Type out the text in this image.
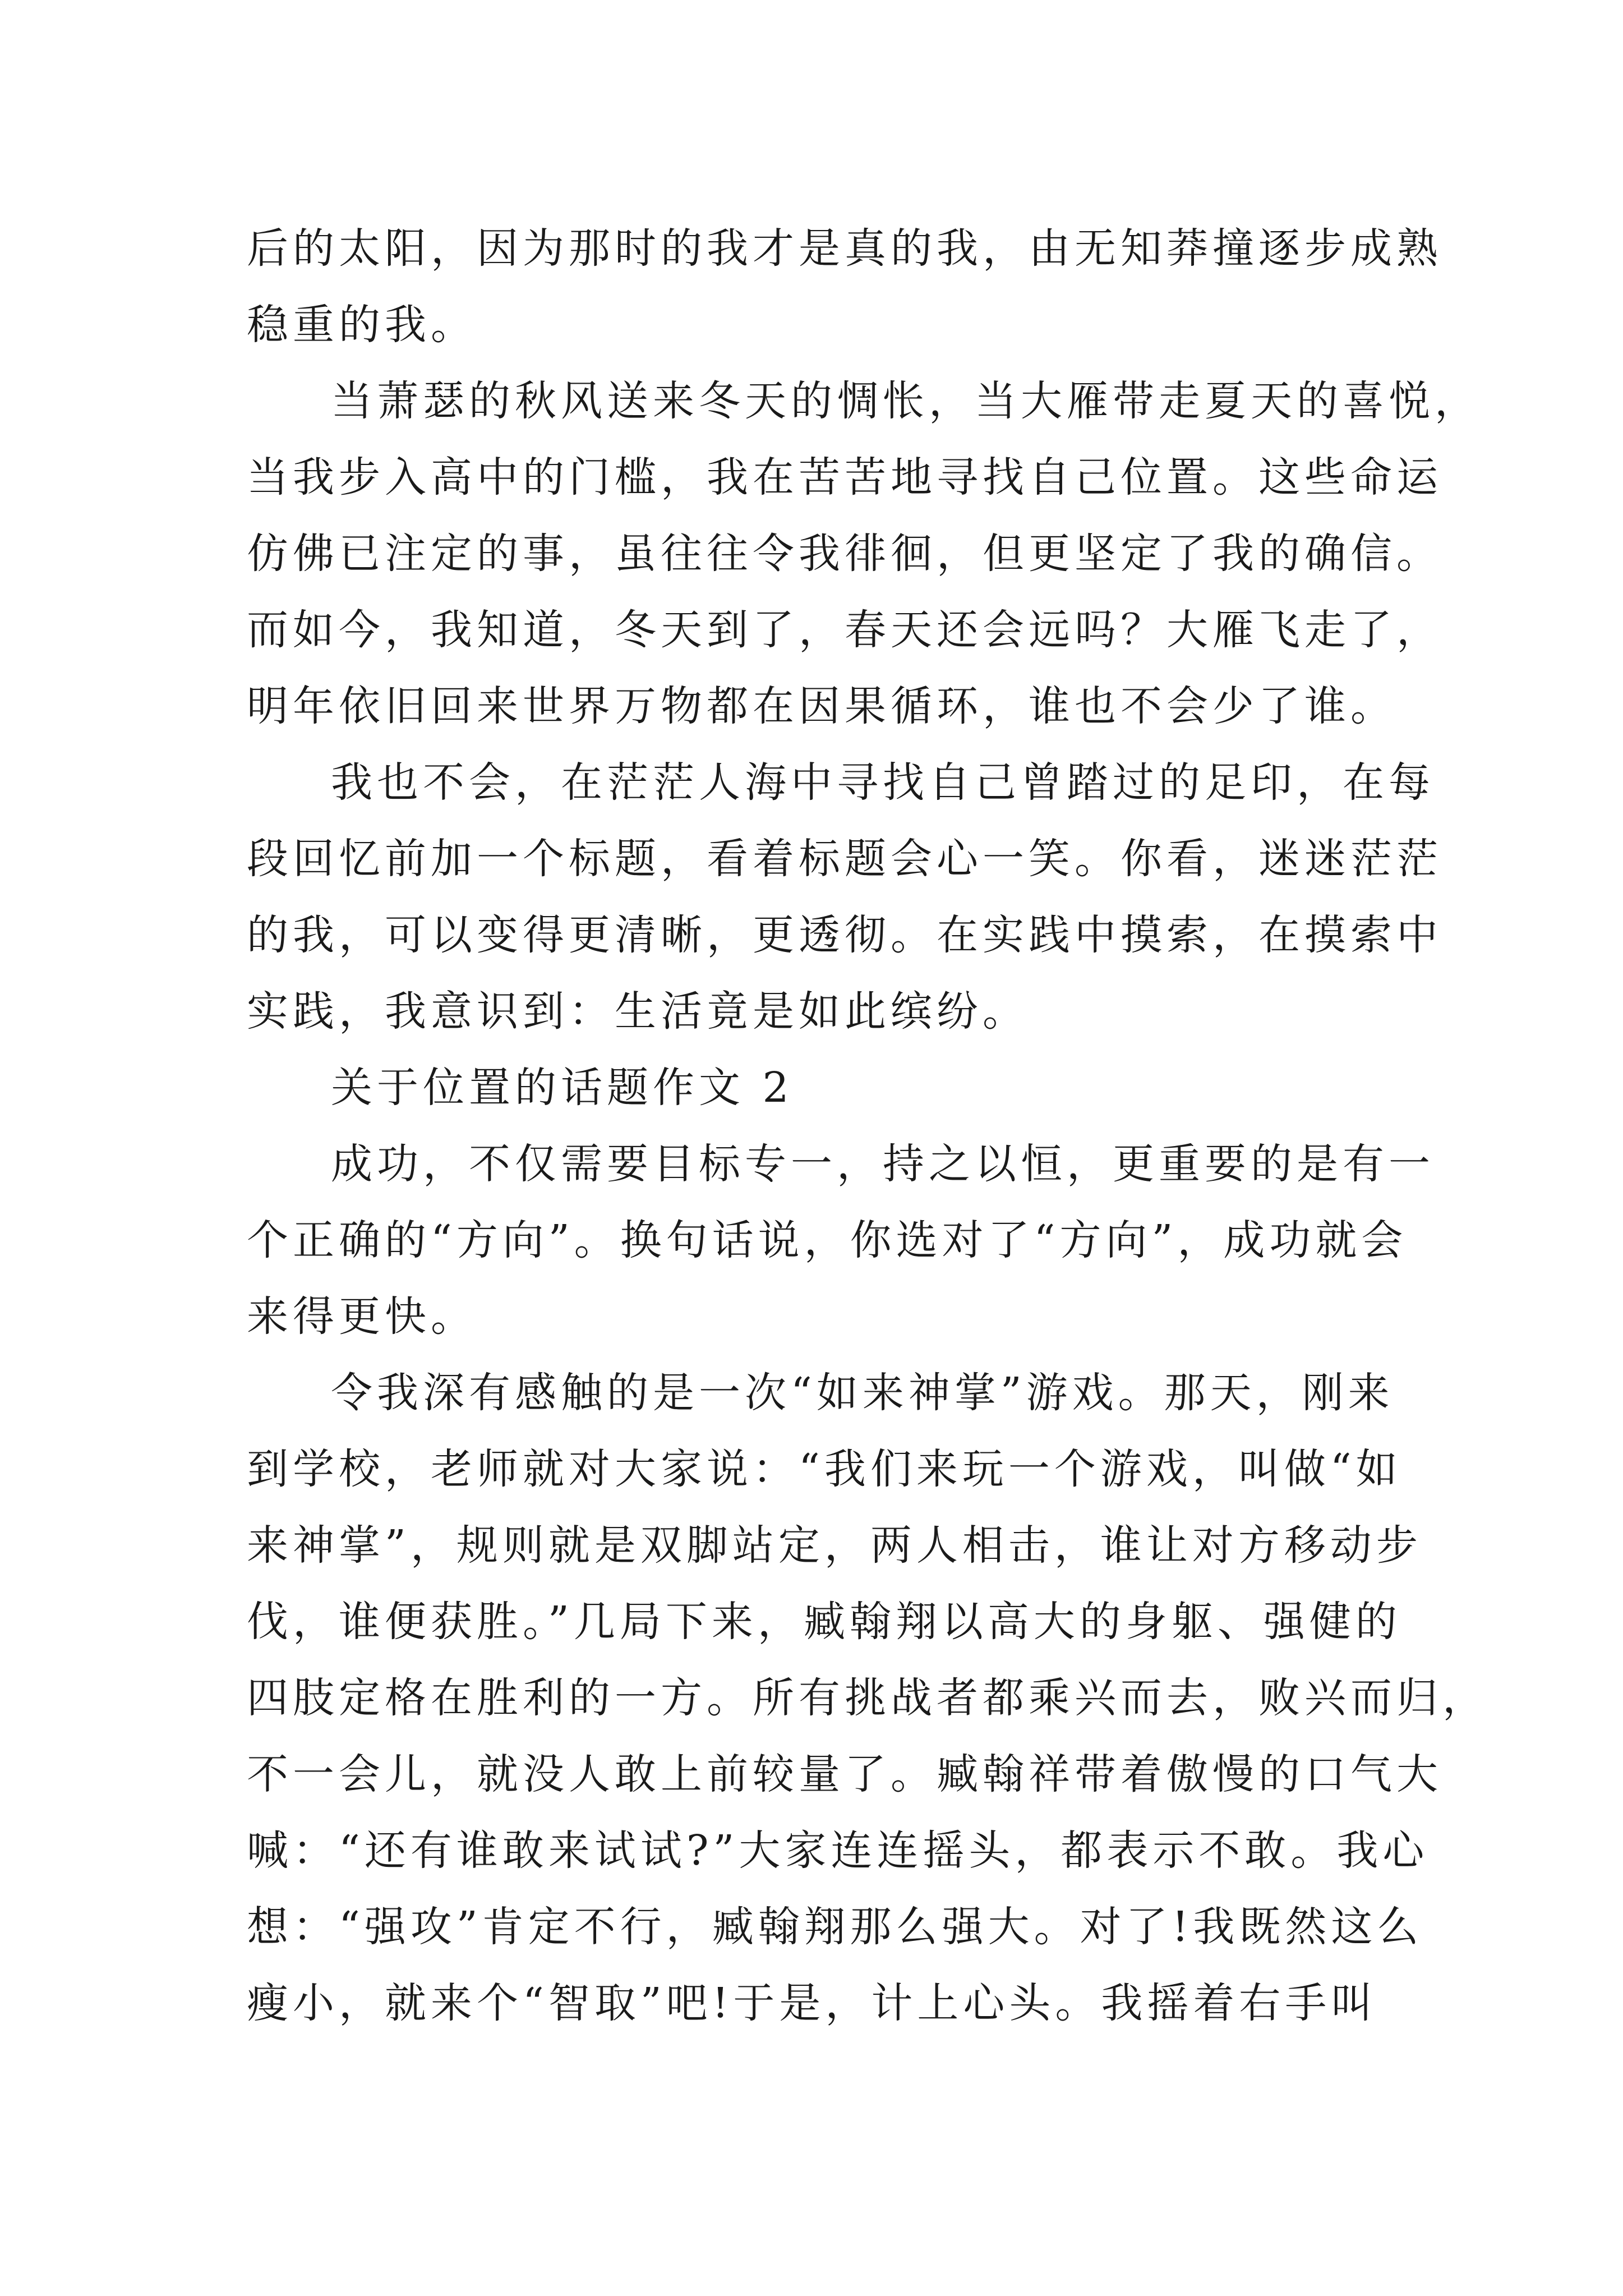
后的太阳，因为那时的我才是真的我，由无知莽撞逐步成熟
稳重的我。
当萧瑟的秋风送来冬天的惆怅，当大雁带走夏天的喜悦，
当我步入高中的门槛，我在苦苦地寻找自己位置。这些命运
仿佛已注定的事，虽往往令我徘徊，但更坚定了我的确信。
而如今，我知道，冬天到了，春天还会远吗？大雁飞走了，
明年依旧回来世界万物都在因果循环，谁也不会少了谁。
我也不会，在茫茫人海中寻找自己曾踏过的足印，在每
段回忆前加一个标题，看着标题会心一笑。你看，迷迷茫茫
的我，可以变得更清晰，更透彻。在实践中摸索，在摸索中
实践，我意识到：生活竟是如此缤纷。
关于位置的话题作文 2
成功，不仅需要目标专一，持之以恒，更重要的是有一
个正确的“方向”。换句话说，你选对了“方向”，成功就会
来得更快。
令我深有感触的是一次“如来神掌”游戏。那天，刚来
到学校，老师就对大家说：“我们来玩一个游戏，叫做“如
来神掌”，规则就是双脚站定，两人相击，谁让对方移动步
伐，谁便获胜。”几局下来，臧翰翔以高大的身躯、强健的
四肢定格在胜利的一方。所有挑战者都乘兴而去，败兴而归，
不一会儿，就没人敢上前较量了。臧翰祥带着傲慢的口气大
喊：“还有谁敢来试试?”大家连连摇头，都表示不敢。我心
想：“强攻”肯定不行，臧翰翔那么强大。对了!我既然这么
瘦小，就来个“智取”吧!于是，计上心头。我摇着右手叫
